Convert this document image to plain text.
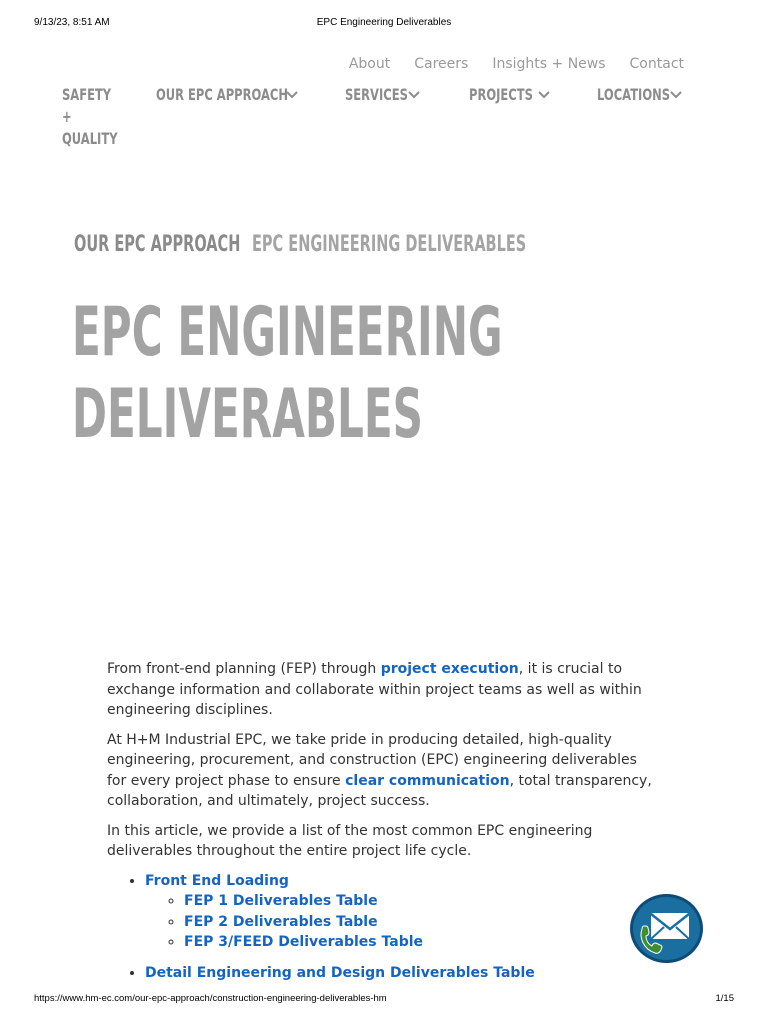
9/13/23, 8:51 AM	EPC Engineering Deliverables
About Careers Insights + News Contact
SAFETY
+
QUALITY
OUR EPC APPROACH	SERVICES	PROJECTS	LOCATIONS
OUR EPC APPROACH EPC ENGINEERING DELIVERABLES
EPC ENGINEERING
DELIVERABLES

From front-end planning (FEP) through project execution, it is crucial to exchange information and collaborate within project teams as well as within engineering disciplines.

At H+M Industrial EPC, we take pride in producing detailed, high-quality engineering, procurement, and construction (EPC) engineering deliverables for every project phase to ensure clear communication, total transparency, collaboration, and ultimately, project success.

In this article, we provide a list of the most common EPC engineering deliverables throughout the entire project life cycle.

• Front End Loading
◦ FEP 1 Deliverables Table
◦ FEP 2 Deliverables Table
◦ FEP 3/FEED Deliverables Table
• Detail Engineering and Design Deliverables Table
https://www.hm-ec.com/our-epc-approach/construction-engineering-deliverables-hm	1/15
